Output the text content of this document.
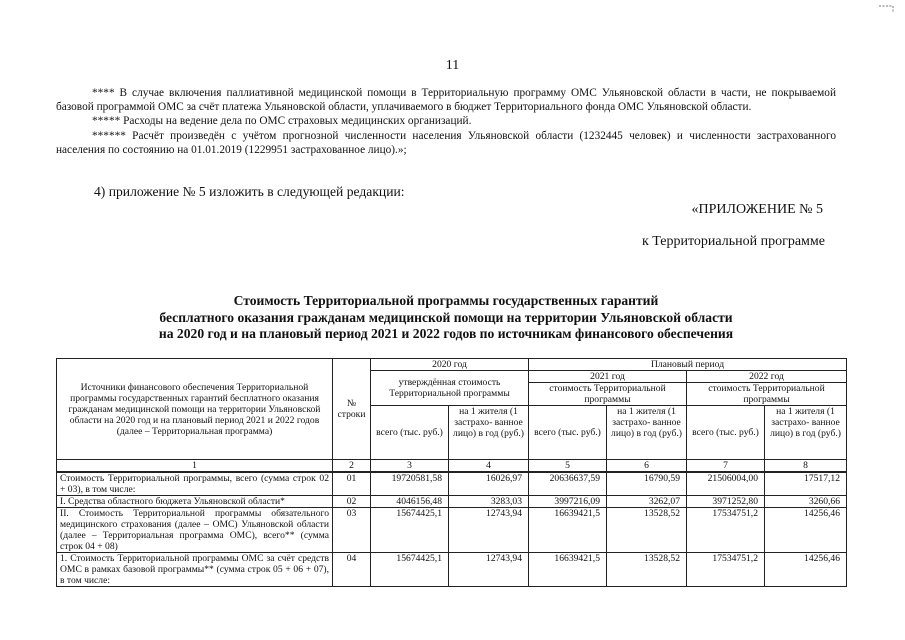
11

**** В случае включения паллиативной медицинской помощи в Территориальную программу ОМС Ульяновской области в части, не покрываемой базовой программой ОМС за счёт платежа Ульяновской области, уплачиваемого в бюджет Территориального фонда ОМС Ульяновской области.

***** Расходы на ведение дела по ОМС страховых медицинских организаций.

****** Расчёт произведён с учётом прогнозной численности населения Ульяновской области (1232445 человек) и численности застрахованного населения по состоянию на 01.01.2019 (1229951 застрахованное лицо).»;

4) приложение № 5 изложить в следующей редакции:
«ПРИЛОЖЕНИЕ № 5
к Территориальной программе
Стоимость Территориальной программы государственных гарантий
бесплатного оказания гражданам медицинской помощи на территории Ульяновской области
на 2020 год и на плановый период 2021 и 2022 годов по источникам финансового обеспечения
Источники финансового обеспечения Территориальной программы государственных гарантий бесплатного оказания гражданам медицинской помощи на территории Ульяновской области на 2020 год и на плановый период 2021 и 2022 годов (далее – Территориальная программа)	№ строки	2020 год		Плановый период			
		утверждённая стоимость Территориальной программы		2021 год		2022 год	
				стоимость Территориальной программы		стоимость Территориальной программы	
		всего (тыс. руб.)	на 1 жителя (1 застрахо- ванное лицо) в год (руб.)	всего (тыс. руб.)	на 1 жителя (1 застрахо- ванное лицо) в год (руб.)	всего (тыс. руб.)	на 1 жителя (1 застрахо- ванное лицо) в год (руб.)
1	2	3	4	5	6	7	8
Стоимость Территориальной программы, всего (сумма строк 02 + 03), в том числе:	01	19720581,58	16026,97	20636637,59	16790,59	21506004,00	17517,12
I. Средства областного бюджета Ульяновской области*	02	4046156,48	3283,03	3997216,09	3262,07	3971252,80	3260,66
II. Стоимость Территориальной программы обязательного медицинского страхования (далее – ОМС) Ульяновской области (далее – Территориальная программа ОМС), всего** (сумма строк 04 + 08)	03	15674425,1	12743,94	16639421,5	13528,52	17534751,2	14256,46
1. Стоимость Территориальной программы ОМС за счёт средств ОМС в рамках базовой программы** (сумма строк 05 + 06 + 07), в том числе:	04	15674425,1	12743,94	16639421,5	13528,52	17534751,2	14256,46
